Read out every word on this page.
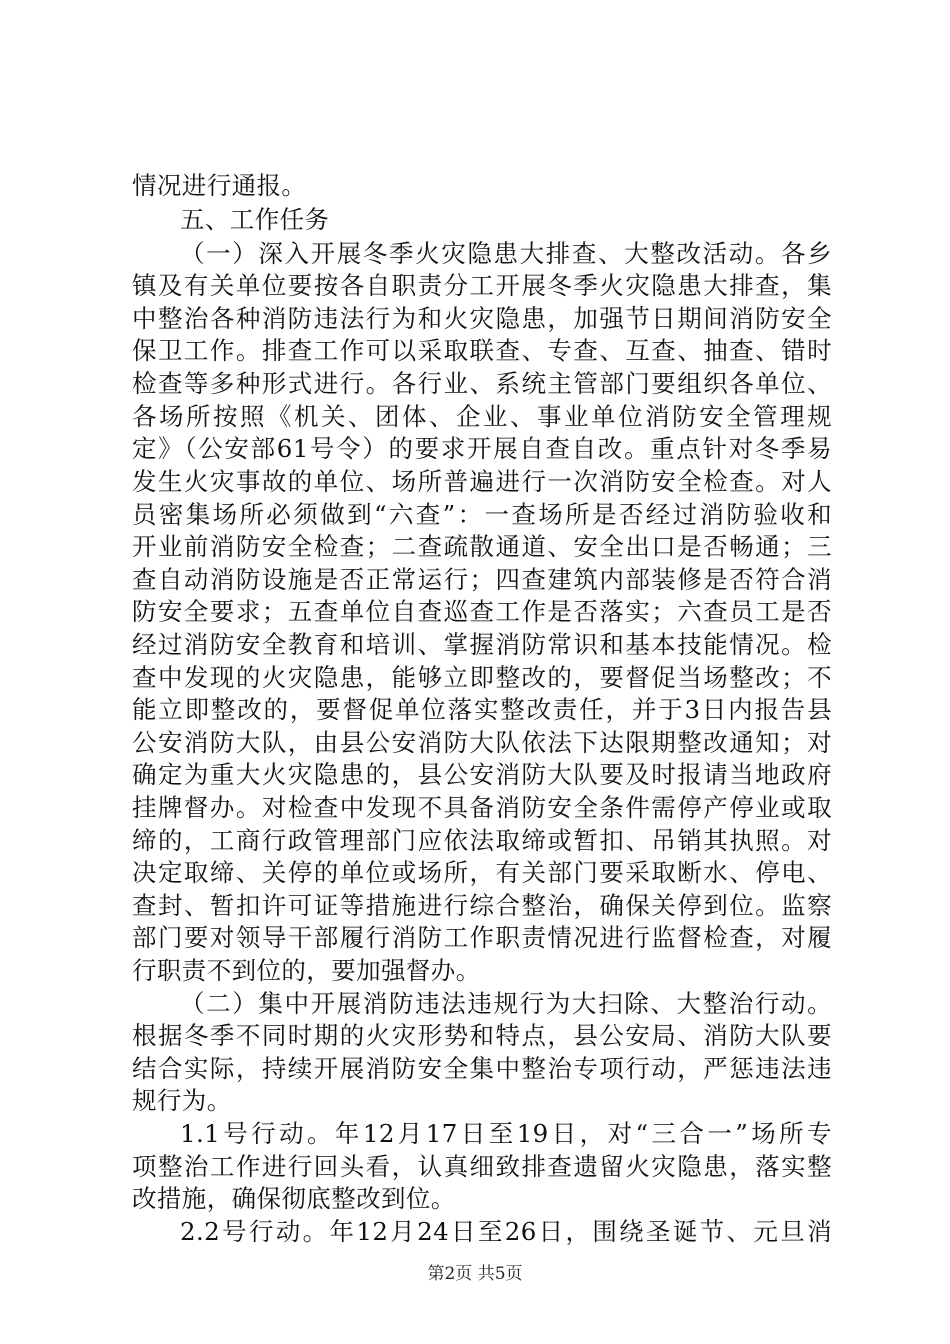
情况进行通报。
五、工作任务
（一）深入开展冬季火灾隐患大排查、大整改活动。各乡
镇及有关单位要按各自职责分工开展冬季火灾隐患大排查，集
中整治各种消防违法行为和火灾隐患，加强节日期间消防安全
保卫工作。排查工作可以采取联查、专查、互查、抽查、错时
检查等多种形式进行。各行业、系统主管部门要组织各单位、
各场所按照《机关、团体、企业、事业单位消防安全管理规
定》（公安部61号令）的要求开展自查自改。重点针对冬季易
发生火灾事故的单位、场所普遍进行一次消防安全检查。对人
员密集场所必须做到“六查”：一查场所是否经过消防验收和
开业前消防安全检查；二查疏散通道、安全出口是否畅通；三
查自动消防设施是否正常运行；四查建筑内部装修是否符合消
防安全要求；五查单位自查巡查工作是否落实；六查员工是否
经过消防安全教育和培训、掌握消防常识和基本技能情况。检
查中发现的火灾隐患，能够立即整改的，要督促当场整改；不
能立即整改的，要督促单位落实整改责任，并于3日内报告县
公安消防大队，由县公安消防大队依法下达限期整改通知；对
确定为重大火灾隐患的，县公安消防大队要及时报请当地政府
挂牌督办。对检查中发现不具备消防安全条件需停产停业或取
缔的，工商行政管理部门应依法取缔或暂扣、吊销其执照。对
决定取缔、关停的单位或场所，有关部门要采取断水、停电、
查封、暂扣许可证等措施进行综合整治，确保关停到位。监察
部门要对领导干部履行消防工作职责情况进行监督检查，对履
行职责不到位的，要加强督办。
（二）集中开展消防违法违规行为大扫除、大整治行动。
根据冬季不同时期的火灾形势和特点，县公安局、消防大队要
结合实际，持续开展消防安全集中整治专项行动，严惩违法违
规行为。
1.1号行动。年12月17日至19日，对“三合一”场所专
项整治工作进行回头看，认真细致排查遗留火灾隐患，落实整
改措施，确保彻底整改到位。
2.2号行动。年12月24日至26日，围绕圣诞节、元旦消
第2页 共5页
